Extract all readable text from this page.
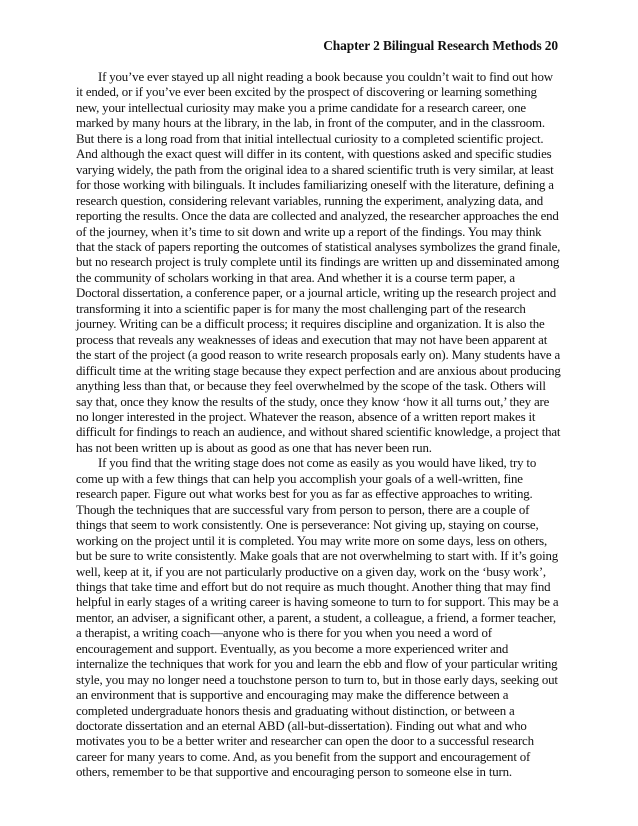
Chapter 2 Bilingual Research Methods 20
If you’ve ever stayed up all night reading a book because you couldn’t wait to find out how
it ended, or if you’ve ever been excited by the prospect of discovering or learning something
new, your intellectual curiosity may make you a prime candidate for a research career, one
marked by many hours at the library, in the lab, in front of the computer, and in the classroom.
But there is a long road from that initial intellectual curiosity to a completed scientific project.
And although the exact quest will differ in its content, with questions asked and specific studies
varying widely, the path from the original idea to a shared scientific truth is very similar, at least
for those working with bilinguals. It includes familiarizing oneself with the literature, defining a
research question, considering relevant variables, running the experiment, analyzing data, and
reporting the results. Once the data are collected and analyzed, the researcher approaches the end
of the journey, when it’s time to sit down and write up a report of the findings. You may think
that the stack of papers reporting the outcomes of statistical analyses symbolizes the grand finale,
but no research project is truly complete until its findings are written up and disseminated among
the community of scholars working in that area. And whether it is a course term paper, a
Doctoral dissertation, a conference paper, or a journal article, writing up the research project and
transforming it into a scientific paper is for many the most challenging part of the research
journey. Writing can be a difficult process; it requires discipline and organization. It is also the
process that reveals any weaknesses of ideas and execution that may not have been apparent at
the start of the project (a good reason to write research proposals early on). Many students have a
difficult time at the writing stage because they expect perfection and are anxious about producing
anything less than that, or because they feel overwhelmed by the scope of the task. Others will
say that, once they know the results of the study, once they know ‘how it all turns out,’ they are
no longer interested in the project. Whatever the reason, absence of a written report makes it
difficult for findings to reach an audience, and without shared scientific knowledge, a project that
has not been written up is about as good as one that has never been run.
If you find that the writing stage does not come as easily as you would have liked, try to
come up with a few things that can help you accomplish your goals of a well-written, fine
research paper. Figure out what works best for you as far as effective approaches to writing.
Though the techniques that are successful vary from person to person, there are a couple of
things that seem to work consistently. One is perseverance: Not giving up, staying on course,
working on the project until it is completed. You may write more on some days, less on others,
but be sure to write consistently. Make goals that are not overwhelming to start with. If it’s going
well, keep at it, if you are not particularly productive on a given day, work on the ‘busy work’,
things that take time and effort but do not require as much thought. Another thing that may find
helpful in early stages of a writing career is having someone to turn to for support. This may be a
mentor, an adviser, a significant other, a parent, a student, a colleague, a friend, a former teacher,
a therapist, a writing coach—anyone who is there for you when you need a word of
encouragement and support. Eventually, as you become a more experienced writer and
internalize the techniques that work for you and learn the ebb and flow of your particular writing
style, you may no longer need a touchstone person to turn to, but in those early days, seeking out
an environment that is supportive and encouraging may make the difference between a
completed undergraduate honors thesis and graduating without distinction, or between a
doctorate dissertation and an eternal ABD (all-but-dissertation). Finding out what and who
motivates you to be a better writer and researcher can open the door to a successful research
career for many years to come. And, as you benefit from the support and encouragement of
others, remember to be that supportive and encouraging person to someone else in turn.
